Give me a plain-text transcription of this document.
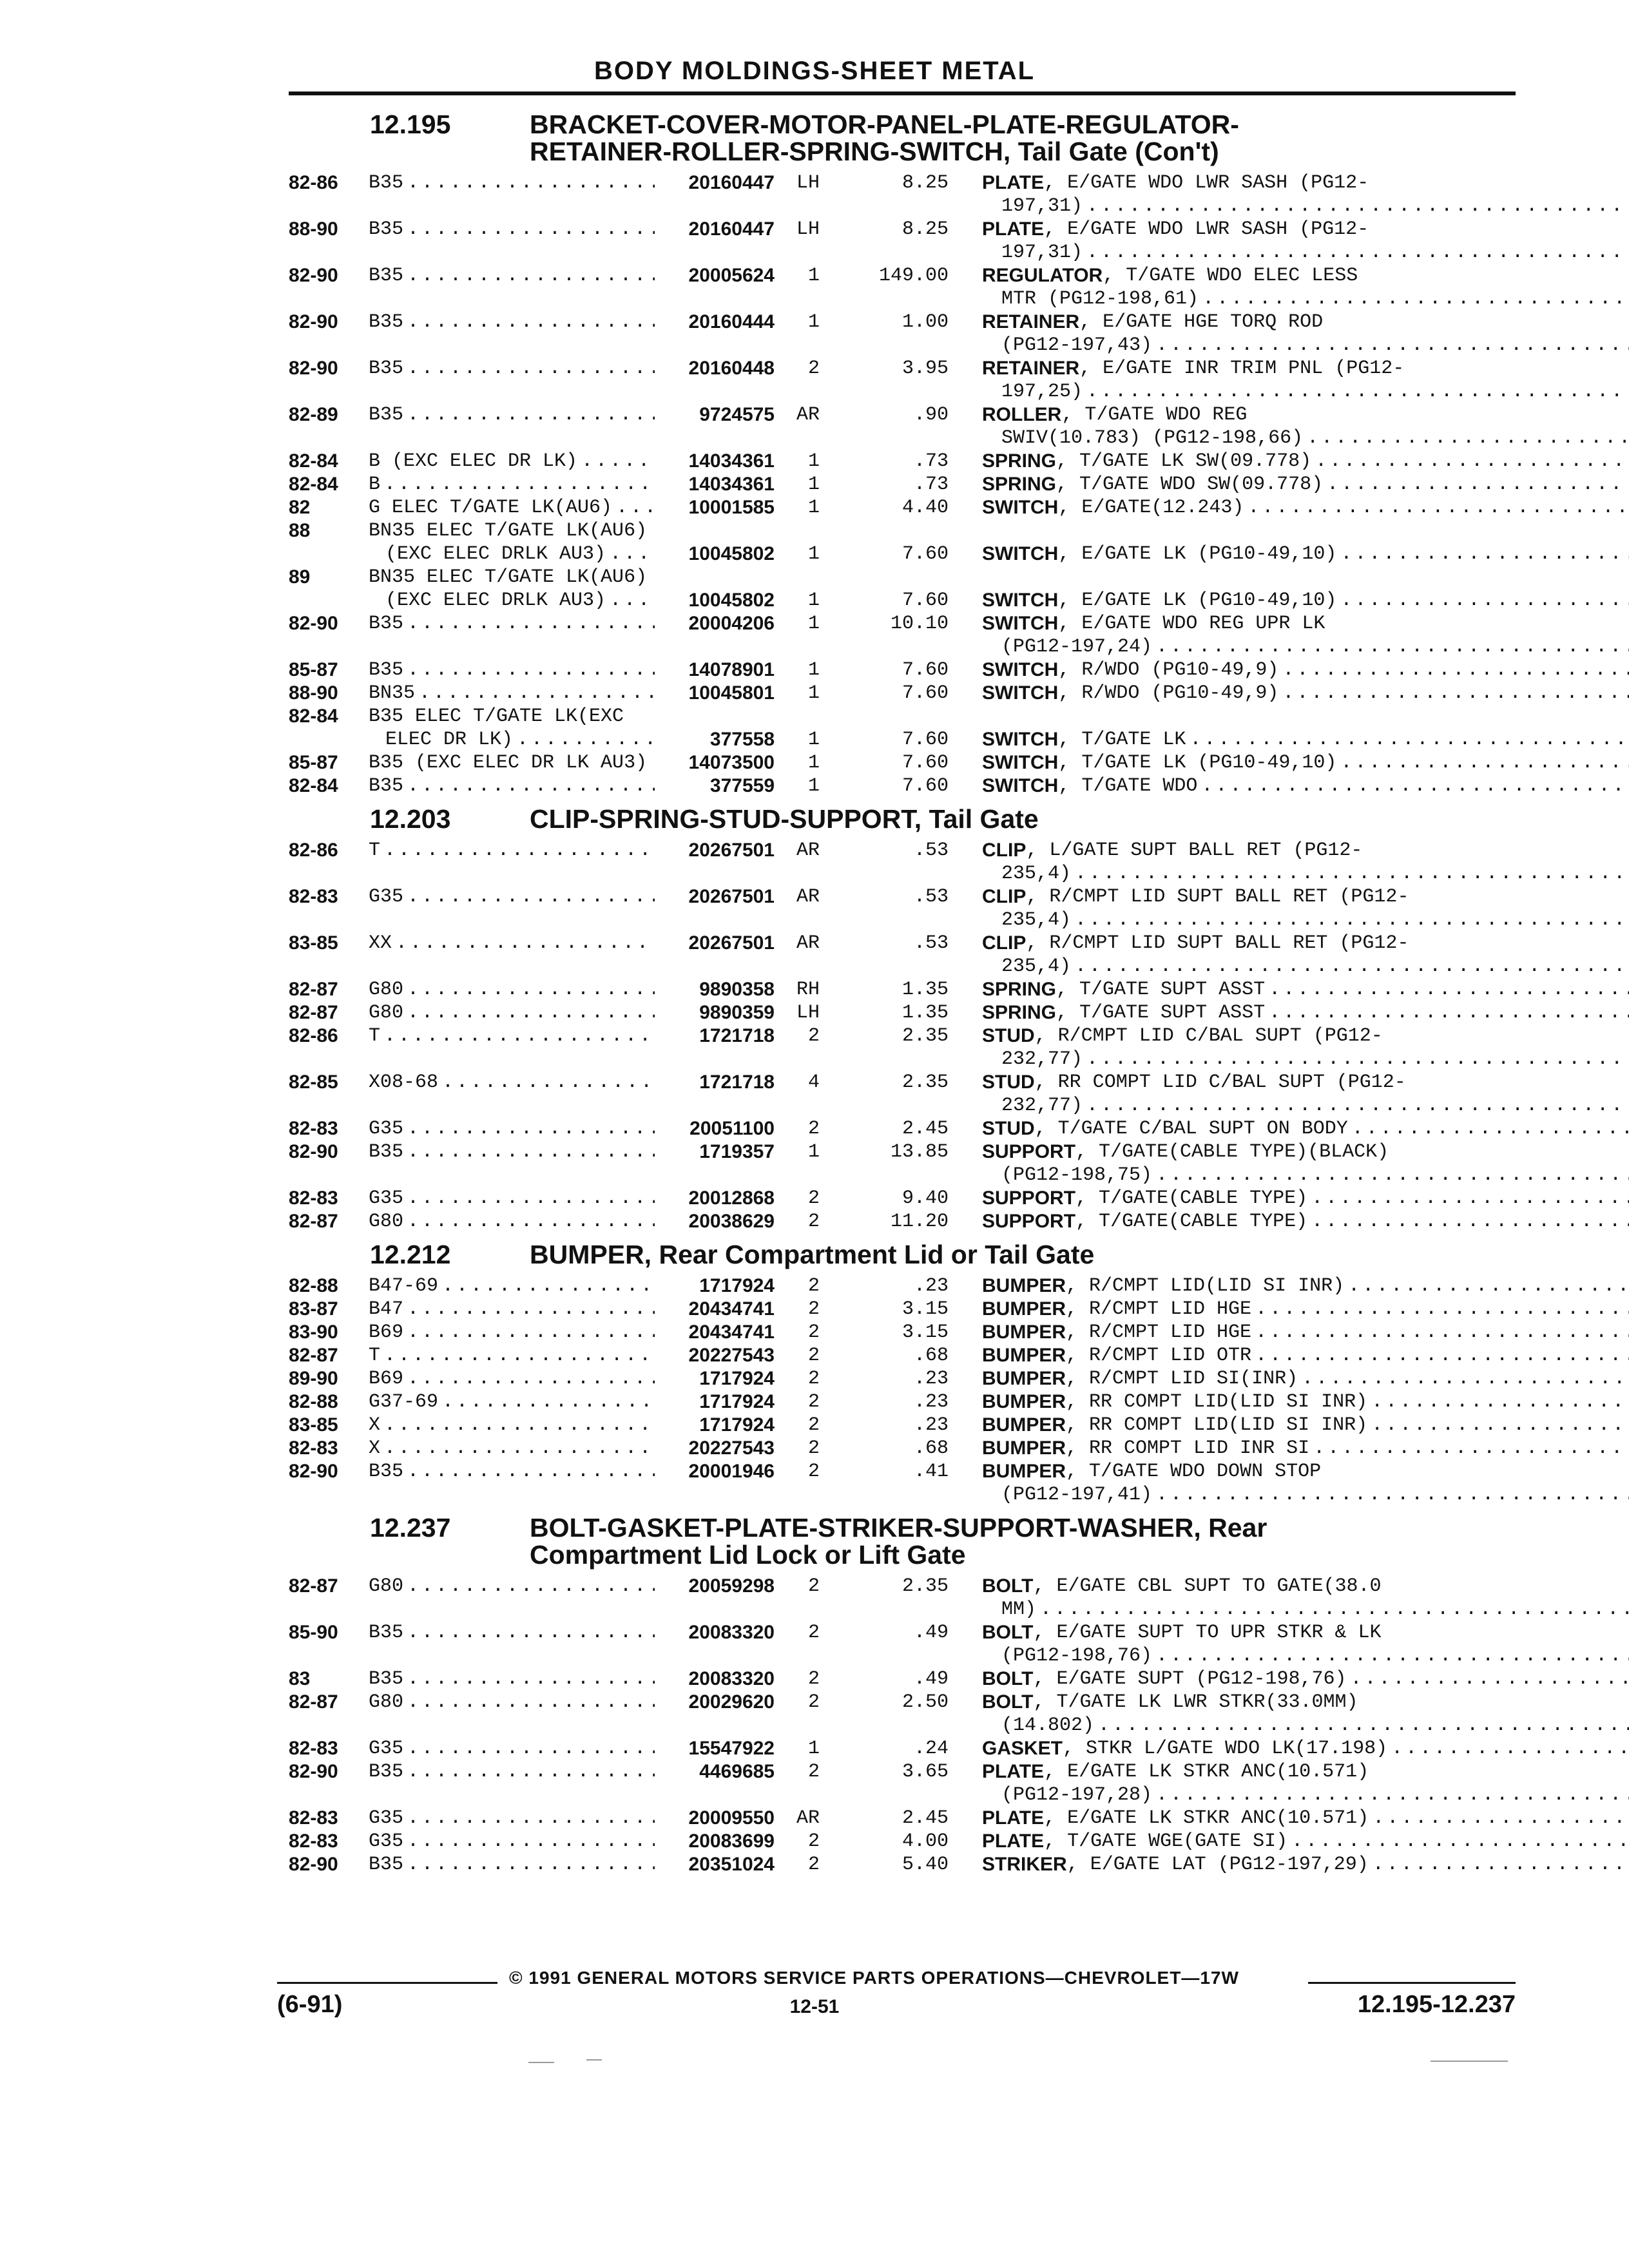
BODY MOLDINGS-SHEET METAL
12.195	BRACKET-COVER-MOTOR-PANEL-PLATE-REGULATOR-
RETAINER-ROLLER-SPRING-SWITCH, Tail Gate (Con't)
82-86	B35 .....	20160447	LH	8.25 PLATE , E/GATE WDO LWR SASH (PG12-
197,31)
.....
88-90	B35 .....	20160447	LH	8.25 PLATE , E/GATE WDO LWR SASH (PG12-
197,31)
.....
82-90	B35 .....	20005624	1	149.00 REGULATOR , T/GATE WDO ELEC LESS
MTR (PG12-198,61)
.....
82-90	B35 .....	20160444	1	1.00 RETAINER , E/GATE HGE TORQ ROD
(PG12-197,43)
.....
82-90	B35 .....	20160448	2	3.95 RETAINER , E/GATE INR TRIM PNL (PG12-
197,25)
.....
82-89	B35 .....	9724575	AR	.90 ROLLER , T/GATE WDO REG
SWIV(10.783) (PG12-198,66)
.....
82-84	B (EXC ELEC DR LK) .....	14034361	1	.73 SPRING , T/GATE LK SW(09.778)
.....
82-84	B .....	14034361	1	.73 SPRING , T/GATE WDO SW(09.778)
.....
82	G ELEC T/GATE LK(AU6) .....	10001585	1	4.40 SWITCH , E/GATE(12.243)
.....
88	BN35 ELEC T/GATE LK(AU6)
(EXC ELEC DRLK AU3) .....	10045802	1	7.60 SWITCH , E/GATE LK (PG10-49,10)
.....
89	BN35 ELEC T/GATE LK(AU6)
(EXC ELEC DRLK AU3) .....	10045802	1	7.60 SWITCH , E/GATE LK (PG10-49,10)
.....
82-90	B35 .....	20004206	1	10.10 SWITCH , E/GATE WDO REG UPR LK
(PG12-197,24)
.....
85-87	B35 .....	14078901	1	7.60 SWITCH , R/WDO (PG10-49,9)
.....
88-90	BN35 .....	10045801	1	7.60 SWITCH , R/WDO (PG10-49,9)
.....
82-84	B35 ELEC T/GATE LK(EXC
ELEC DR LK) .....	377558	1	7.60 SWITCH , T/GATE LK
.....
85-87	B35 (EXC ELEC DR LK AU3) .....	14073500	1	7.60 SWITCH , T/GATE LK (PG10-49,10)
.....
82-84	B35 .....	377559	1	7.60 SWITCH , T/GATE WDO
.....
12.203	CLIP-SPRING-STUD-SUPPORT, Tail Gate
82-86	T .....	20267501	AR	.53 CLIP , L/GATE SUPT BALL RET (PG12-
235,4)
.....
82-83	G35 .....	20267501	AR	.53 CLIP , R/CMPT LID SUPT BALL RET (PG12-
235,4)
.....
83-85	XX .....	20267501	AR	.53 CLIP , R/CMPT LID SUPT BALL RET (PG12-
235,4)
.....
82-87	G80 .....	9890358	RH	1.35 SPRING , T/GATE SUPT ASST
.....
82-87	G80 .....	9890359	LH	1.35 SPRING , T/GATE SUPT ASST
.....
82-86	T .....	1721718	2	2.35 STUD , R/CMPT LID C/BAL SUPT (PG12-
232,77)
.....
82-85	X08-68 .....	1721718	4	2.35 STUD , RR COMPT LID C/BAL SUPT (PG12-
232,77)
.....
82-83	G35 .....	20051100	2	2.45 STUD , T/GATE C/BAL SUPT ON BODY
.....
82-90	B35 .....	1719357	1	13.85 SUPPORT , T/GATE(CABLE TYPE)(BLACK)
(PG12-198,75)
.....
82-83	G35 .....	20012868	2	9.40 SUPPORT , T/GATE(CABLE TYPE)
.....
82-87	G80 .....	20038629	2	11.20 SUPPORT , T/GATE(CABLE TYPE)
.....
12.212	BUMPER, Rear Compartment Lid or Tail Gate
82-88	B47-69 .....	1717924	2	.23 BUMPER , R/CMPT LID(LID SI INR)
.....
83-87	B47 .....	20434741	2	3.15 BUMPER , R/CMPT LID HGE
.....
83-90	B69 .....	20434741	2	3.15 BUMPER , R/CMPT LID HGE
.....
82-87	T .....	20227543	2	.68 BUMPER , R/CMPT LID OTR
.....
89-90	B69 .....	1717924	2	.23 BUMPER , R/CMPT LID SI(INR)
.....
82-88	G37-69 .....	1717924	2	.23 BUMPER , RR COMPT LID(LID SI INR)
.....
83-85	X .....	1717924	2	.23 BUMPER , RR COMPT LID(LID SI INR)
.....
82-83	X .....	20227543	2	.68 BUMPER , RR COMPT LID INR SI
.....
82-90	B35 .....	20001946	2	.41 BUMPER , T/GATE WDO DOWN STOP
(PG12-197,41)
.....
12.237	BOLT-GASKET-PLATE-STRIKER-SUPPORT-WASHER, Rear
Compartment Lid Lock or Lift Gate
82-87	G80 .....	20059298	2	2.35 BOLT , E/GATE CBL SUPT TO GATE(38.0
MM)
.....
85-90	B35 .....	20083320	2	.49 BOLT , E/GATE SUPT TO UPR STKR & LK
(PG12-198,76)
.....
83	B35 .....	20083320	2	.49 BOLT , E/GATE SUPT (PG12-198,76)
.....
82-87	G80 .....	20029620	2	2.50 BOLT , T/GATE LK LWR STKR(33.0MM)
(14.802)
.....
82-83	G35 .....	15547922	1	.24 GASKET , STKR L/GATE WDO LK(17.198)
.....
82-90	B35 .....	4469685	2	3.65 PLATE , E/GATE LK STKR ANC(10.571)
(PG12-197,28)
.....
82-83	G35 .....	20009550	AR	2.45 PLATE , E/GATE LK STKR ANC(10.571)
.....
82-83	G35 .....	20083699	2	4.00 PLATE , T/GATE WGE(GATE SI)
.....
82-90	B35 .....	20351024	2	5.40 STRIKER , E/GATE LAT (PG12-197,29)
.....
© 1991 GENERAL MOTORS SERVICE PARTS OPERATIONS—CHEVROLET—17W
(6-91)	12-51	12.195-12.237
